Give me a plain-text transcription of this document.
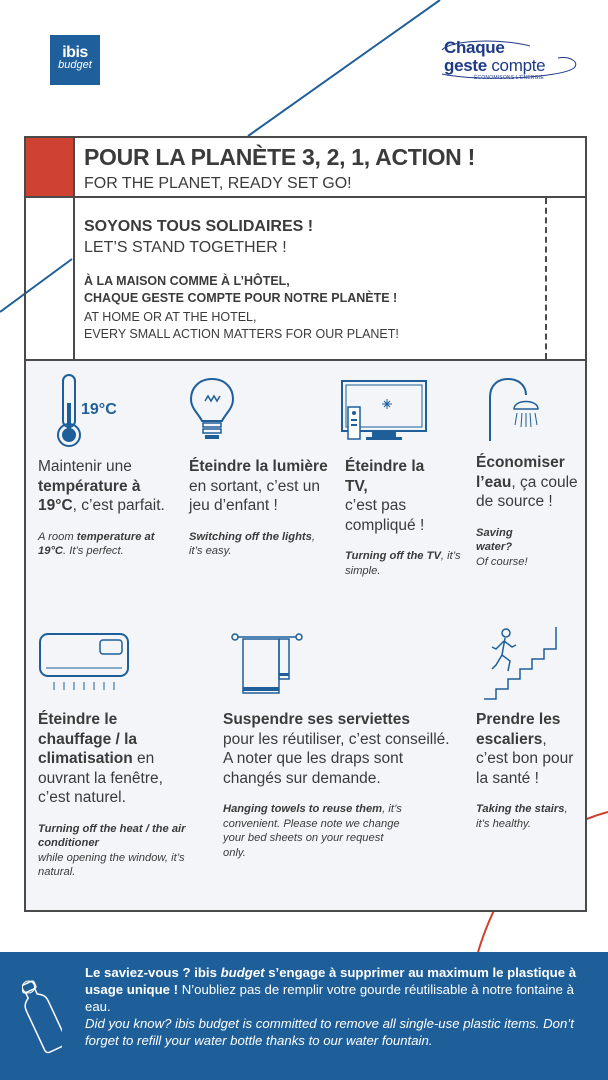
ibis
budget
Chaque
geste compte
ÉCONOMISONS L'ÉNERGIE
POUR LA PLANÈTE 3, 2, 1, ACTION !
FOR THE PLANET, READY SET GO!
SOYONS TOUS SOLIDAIRES !
LET’S STAND TOGETHER !
À LA MAISON COMME À L’HÔTEL,
CHAQUE GESTE COMPTE POUR NOTRE PLANÈTE !
AT HOME OR AT THE HOTEL,
EVERY SMALL ACTION MATTERS FOR OUR PLANET!
19°C
Maintenir une température à 19°C, c’est parfait.
A room temperature at 19°C. It’s perfect.
Éteindre la lumière en sortant, c’est un jeu d’enfant !
Switching off the lights, it’s easy.
Éteindre la TV,
c’est pas compliqué !
Turning off the TV, it’s simple.
Économiser l’eau, ça coule de source !
Saving water?
Of course!
Éteindre le chauffage / la climatisation en ouvrant la fenêtre, c’est naturel.
Turning off the heat / the air conditioner
while opening the window, it’s natural.
Suspendre ses serviettes
pour les réutiliser, c’est conseillé.
A noter que les draps sont changés sur demande.
Hanging towels to reuse them, it’s convenient. Please note we change your bed sheets on your request only.
Prendre les escaliers, c’est bon pour la santé !
Taking the stairs, it’s healthy.
Le saviez-vous ? ibis budget s’engage à supprimer au maximum le plastique à usage unique ! N’oubliez pas de remplir votre gourde réutilisable à notre fontaine à eau.
Did you know? ibis budget is committed to remove all single-use plastic items. Don’t forget to refill your water bottle thanks to our water fountain.
